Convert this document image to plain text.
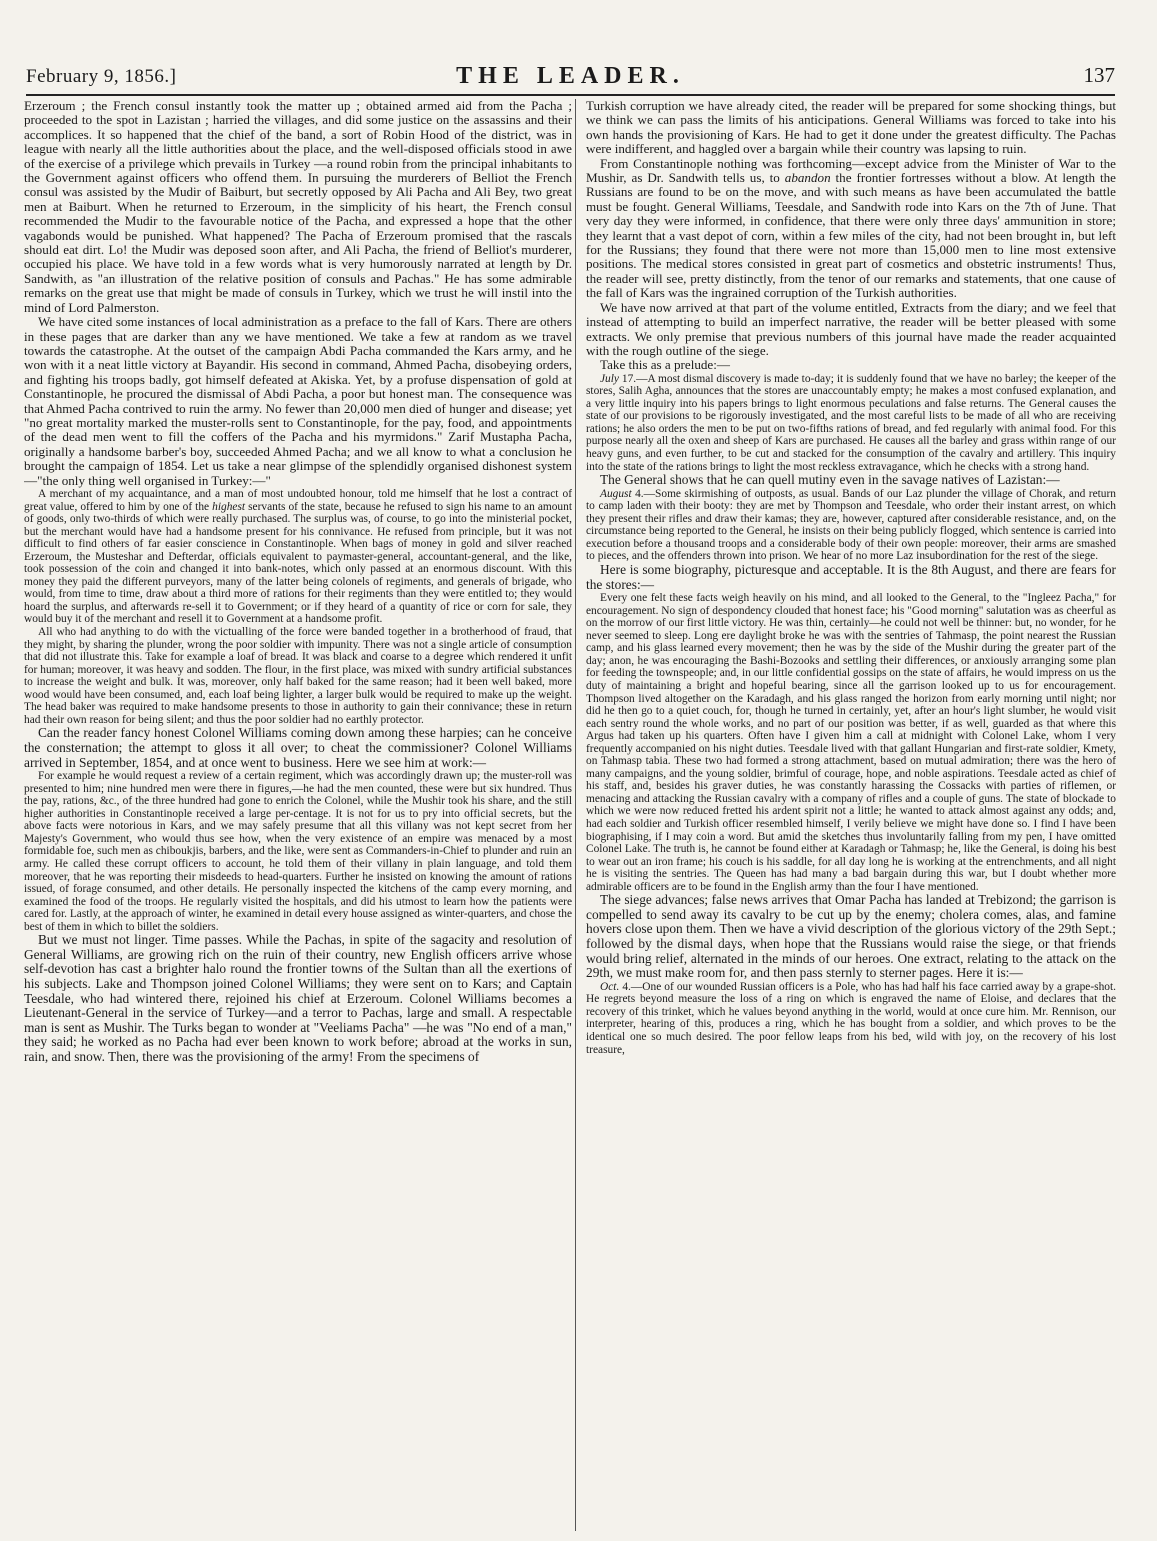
February 9, 1856.]	THE LEADER.	137

Erzeroum ; the French consul instantly took the matter up ; obtained armed aid from the Pacha ; proceeded to the spot in Lazistan ; harried the villages, and did some justice on the assassins and their accomplices. It so happened that the chief of the band, a sort of Robin Hood of the district, was in league with nearly all the little authorities about the place, and the well-disposed officials stood in awe of the exercise of a privilege which prevails in Turkey —a round robin from the principal inhabitants to the Government against officers who offend them. In pursuing the murderers of Belliot the French consul was assisted by the Mudir of Baiburt, but secretly opposed by Ali Pacha and Ali Bey, two great men at Baiburt. When he returned to Erzeroum, in the simplicity of his heart, the French consul recommended the Mudir to the favourable notice of the Pacha, and expressed a hope that the other vagabonds would be punished. What happened? The Pacha of Erzeroum promised that the rascals should eat dirt. Lo! the Mudir was deposed soon after, and Ali Pacha, the friend of Belliot's murderer, occupied his place. We have told in a few words what is very humorously narrated at length by Dr. Sandwith, as "an illustration of the relative position of consuls and Pachas." He has some admirable remarks on the great use that might be made of consuls in Turkey, which we trust he will instil into the mind of Lord Palmerston.

We have cited some instances of local administration as a preface to the fall of Kars. There are others in these pages that are darker than any we have mentioned. We take a few at random as we travel towards the catastrophe. At the outset of the campaign Abdi Pacha commanded the Kars army, and he won with it a neat little victory at Bayandir. His second in command, Ahmed Pacha, disobeying orders, and fighting his troops badly, got himself defeated at Akiska. Yet, by a profuse dispensation of gold at Constantinople, he procured the dismissal of Abdi Pacha, a poor but honest man. The consequence was that Ahmed Pacha contrived to ruin the army. No fewer than 20,000 men died of hunger and disease; yet "no great mortality marked the muster-rolls sent to Constantinople, for the pay, food, and appointments of the dead men went to fill the coffers of the Pacha and his myrmidons." Zarif Mustapha Pacha, originally a handsome barber's boy, succeeded Ahmed Pacha; and we all know to what a conclusion he brought the campaign of 1854. Let us take a near glimpse of the splendidly organised dishonest system—"the only thing well organised in Turkey:—"

A merchant of my acquaintance, and a man of most undoubted honour, told me himself that he lost a contract of great value, offered to him by one of the highest servants of the state, because he refused to sign his name to an amount of goods, only two-thirds of which were really purchased. The surplus was, of course, to go into the ministerial pocket, but the merchant would have had a handsome present for his connivance. He refused from principle, but it was not difficult to find others of far easier conscience in Constantinople. When bags of money in gold and silver reached Erzeroum, the Musteshar and Defterdar, officials equivalent to paymaster-general, accountant-general, and the like, took possession of the coin and changed it into bank-notes, which only passed at an enormous discount. With this money they paid the different purveyors, many of the latter being colonels of regiments, and generals of brigade, who would, from time to time, draw about a third more of rations for their regiments than they were entitled to; they would hoard the surplus, and afterwards re-sell it to Government; or if they heard of a quantity of rice or corn for sale, they would buy it of the merchant and resell it to Government at a handsome profit.

All who had anything to do with the victualling of the force were banded together in a brotherhood of fraud, that they might, by sharing the plunder, wrong the poor soldier with impunity. There was not a single article of consumption that did not illustrate this. Take for example a loaf of bread. It was black and coarse to a degree which rendered it unfit for human; moreover, it was heavy and sodden. The flour, in the first place, was mixed with sundry artificial substances to increase the weight and bulk. It was, moreover, only half baked for the same reason; had it been well baked, more wood would have been consumed, and, each loaf being lighter, a larger bulk would be required to make up the weight. The head baker was required to make handsome presents to those in authority to gain their connivance; these in return had their own reason for being silent; and thus the poor soldier had no earthly protector.

Can the reader fancy honest Colonel Williams coming down among these harpies; can he conceive the consternation; the attempt to gloss it all over; to cheat the commissioner? Colonel Williams arrived in September, 1854, and at once went to business. Here we see him at work:—

For example he would request a review of a certain regiment, which was accordingly drawn up; the muster-roll was presented to him; nine hundred men were there in figures,—he had the men counted, these were but six hundred. Thus the pay, rations, &c., of the three hundred had gone to enrich the Colonel, while the Mushir took his share, and the still higher authorities in Constantinople received a large per-centage. It is not for us to pry into official secrets, but the above facts were notorious in Kars, and we may safely presume that all this villany was not kept secret from her Majesty's Government, who would thus see how, when the very existence of an empire was menaced by a most formidable foe, such men as chiboukjis, barbers, and the like, were sent as Commanders-in-Chief to plunder and ruin an army. He called these corrupt officers to account, he told them of their villany in plain language, and told them moreover, that he was reporting their misdeeds to head-quarters. Further he insisted on knowing the amount of rations issued, of forage consumed, and other details. He personally inspected the kitchens of the camp every morning, and examined the food of the troops. He regularly visited the hospitals, and did his utmost to learn how the patients were cared for. Lastly, at the approach of winter, he examined in detail every house assigned as winter-quarters, and chose the best of them in which to billet the soldiers.

But we must not linger. Time passes. While the Pachas, in spite of the sagacity and resolution of General Williams, are growing rich on the ruin of their country, new English officers arrive whose self-devotion has cast a brighter halo round the frontier towns of the Sultan than all the exertions of his subjects. Lake and Thompson joined Colonel Williams; they were sent on to Kars; and Captain Teesdale, who had wintered there, rejoined his chief at Erzeroum. Colonel Williams becomes a Lieutenant-General in the service of Turkey—and a terror to Pachas, large and small. A respectable man is sent as Mushir. The Turks began to wonder at "Veeliams Pacha" —he was "No end of a man," they said; he worked as no Pacha had ever been known to work before; abroad at the works in sun, rain, and snow. Then, there was the provisioning of the army! From the specimens of

Turkish corruption we have already cited, the reader will be prepared for some shocking things, but we think we can pass the limits of his anticipations. General Williams was forced to take into his own hands the provisioning of Kars. He had to get it done under the greatest difficulty. The Pachas were indifferent, and haggled over a bargain while their country was lapsing to ruin.

From Constantinople nothing was forthcoming—except advice from the Minister of War to the Mushir, as Dr. Sandwith tells us, to abandon the frontier fortresses without a blow. At length the Russians are found to be on the move, and with such means as have been accumulated the battle must be fought. General Williams, Teesdale, and Sandwith rode into Kars on the 7th of June. That very day they were informed, in confidence, that there were only three days' ammunition in store; they learnt that a vast depot of corn, within a few miles of the city, had not been brought in, but left for the Russians; they found that there were not more than 15,000 men to line most extensive positions. The medical stores consisted in great part of cosmetics and obstetric instruments! Thus, the reader will see, pretty distinctly, from the tenor of our remarks and statements, that one cause of the fall of Kars was the ingrained corruption of the Turkish authorities.

We have now arrived at that part of the volume entitled, Extracts from the diary; and we feel that instead of attempting to build an imperfect narrative, the reader will be better pleased with some extracts. We only premise that previous numbers of this journal have made the reader acquainted with the rough outline of the siege.

Take this as a prelude:—

July 17.—A most dismal discovery is made to-day; it is suddenly found that we have no barley; the keeper of the stores, Salih Agha, announces that the stores are unaccountably empty; he makes a most confused explanation, and a very little inquiry into his papers brings to light enormous peculations and false returns. The General causes the state of our provisions to be rigorously investigated, and the most careful lists to be made of all who are receiving rations; he also orders the men to be put on two-fifths rations of bread, and fed regularly with animal food. For this purpose nearly all the oxen and sheep of Kars are purchased. He causes all the barley and grass within range of our heavy guns, and even further, to be cut and stacked for the consumption of the cavalry and artillery. This inquiry into the state of the rations brings to light the most reckless extravagance, which he checks with a strong hand.

The General shows that he can quell mutiny even in the savage natives of Lazistan:—

August 4.—Some skirmishing of outposts, as usual. Bands of our Laz plunder the village of Chorak, and return to camp laden with their booty: they are met by Thompson and Teesdale, who order their instant arrest, on which they present their rifles and draw their kamas; they are, however, captured after considerable resistance, and, on the circumstance being reported to the General, he insists on their being publicly flogged, which sentence is carried into execution before a thousand troops and a considerable body of their own people: moreover, their arms are smashed to pieces, and the offenders thrown into prison. We hear of no more Laz insubordination for the rest of the siege.

Here is some biography, picturesque and acceptable. It is the 8th August, and there are fears for the stores:—

Every one felt these facts weigh heavily on his mind, and all looked to the General, to the "Ingleez Pacha," for encouragement. No sign of despondency clouded that honest face; his "Good morning" salutation was as cheerful as on the morrow of our first little victory. He was thin, certainly—he could not well be thinner: but, no wonder, for he never seemed to sleep. Long ere daylight broke he was with the sentries of Tahmasp, the point nearest the Russian camp, and his glass learned every movement; then he was by the side of the Mushir during the greater part of the day; anon, he was encouraging the Bashi-Bozooks and settling their differences, or anxiously arranging some plan for feeding the townspeople; and, in our little confidential gossips on the state of affairs, he would impress on us the duty of maintaining a bright and hopeful bearing, since all the garrison looked up to us for encouragement. Thompson lived altogether on the Karadagh, and his glass ranged the horizon from early morning until night; nor did he then go to a quiet couch, for, though he turned in certainly, yet, after an hour's light slumber, he would visit each sentry round the whole works, and no part of our position was better, if as well, guarded as that where this Argus had taken up his quarters. Often have I given him a call at midnight with Colonel Lake, whom I very frequently accompanied on his night duties. Teesdale lived with that gallant Hungarian and first-rate soldier, Kmety, on Tahmasp tabia. These two had formed a strong attachment, based on mutual admiration; there was the hero of many campaigns, and the young soldier, brimful of courage, hope, and noble aspirations. Teesdale acted as chief of his staff, and, besides his graver duties, he was constantly harassing the Cossacks with parties of riflemen, or menacing and attacking the Russian cavalry with a company of rifles and a couple of guns. The state of blockade to which we were now reduced fretted his ardent spirit not a little; he wanted to attack almost against any odds; and, had each soldier and Turkish officer resembled himself, I verily believe we might have done so. I find I have been biographising, if I may coin a word. But amid the sketches thus involuntarily falling from my pen, I have omitted Colonel Lake. The truth is, he cannot be found either at Karadagh or Tahmasp; he, like the General, is doing his best to wear out an iron frame; his couch is his saddle, for all day long he is working at the entrenchments, and all night he is visiting the sentries. The Queen has had many a bad bargain during this war, but I doubt whether more admirable officers are to be found in the English army than the four I have mentioned.

The siege advances; false news arrives that Omar Pacha has landed at Trebizond; the garrison is compelled to send away its cavalry to be cut up by the enemy; cholera comes, alas, and famine hovers close upon them. Then we have a vivid description of the glorious victory of the 29th Sept.; followed by the dismal days, when hope that the Russians would raise the siege, or that friends would bring relief, alternated in the minds of our heroes. One extract, relating to the attack on the 29th, we must make room for, and then pass sternly to sterner pages. Here it is:—

Oct. 4.—One of our wounded Russian officers is a Pole, who has had half his face carried away by a grape-shot. He regrets beyond measure the loss of a ring on which is engraved the name of Eloise, and declares that the recovery of this trinket, which he values beyond anything in the world, would at once cure him. Mr. Rennison, our interpreter, hearing of this, produces a ring, which he has bought from a soldier, and which proves to be the identical one so much desired. The poor fellow leaps from his bed, wild with joy, on the recovery of his lost treasure,
